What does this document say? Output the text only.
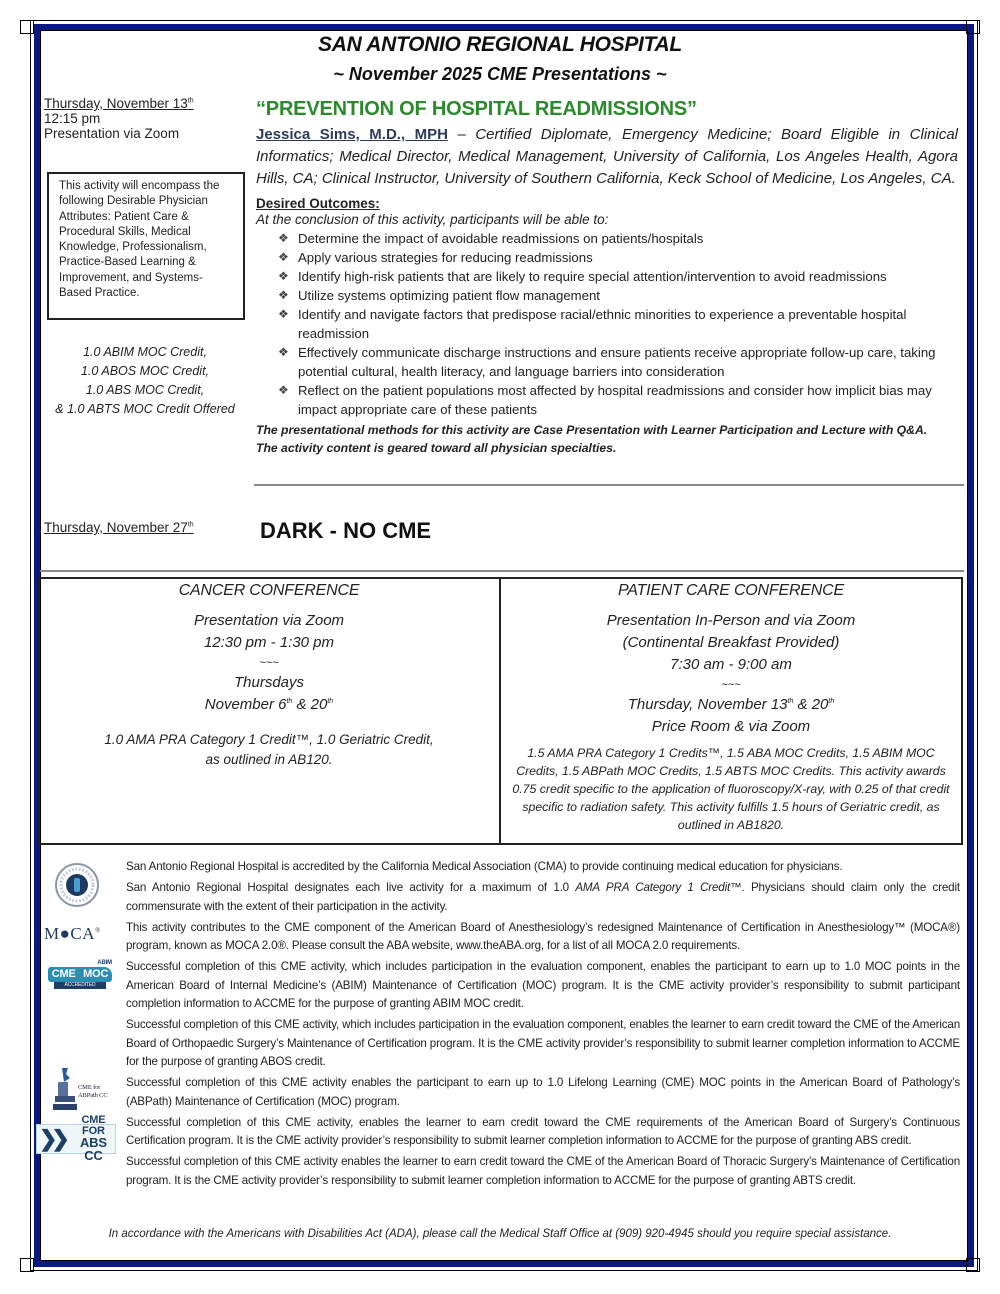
SAN ANTONIO REGIONAL HOSPITAL
~ November 2025 CME Presentations ~
Thursday, November 13th
12:15 pm
Presentation via Zoom
This activity will encompass the following Desirable Physician Attributes: Patient Care & Procedural Skills, Medical Knowledge, Professionalism, Practice-Based Learning & Improvement, and Systems-Based Practice.
1.0 ABIM MOC Credit,
1.0 ABOS MOC Credit,
1.0 ABS MOC Credit,
& 1.0 ABTS MOC Credit Offered
“PREVENTION OF HOSPITAL READMISSIONS”
Jessica Sims, M.D., MPH – Certified Diplomate, Emergency Medicine; Board Eligible in Clinical Informatics; Medical Director, Medical Management, University of California, Los Angeles Health, Agora Hills, CA; Clinical Instructor, University of Southern California, Keck School of Medicine, Los Angeles, CA.
Desired Outcomes:
At the conclusion of this activity, participants will be able to:
❖ Determine the impact of avoidable readmissions on patients/hospitals
❖ Apply various strategies for reducing readmissions
❖ Identify high-risk patients that are likely to require special attention/intervention to avoid readmissions
❖ Utilize systems optimizing patient flow management
❖ Identify and navigate factors that predispose racial/ethnic minorities to experience a preventable hospital readmission
❖ Effectively communicate discharge instructions and ensure patients receive appropriate follow-up care, taking potential cultural, health literacy, and language barriers into consideration
❖ Reflect on the patient populations most affected by hospital readmissions and consider how implicit bias may impact appropriate care of these patients
The presentational methods for this activity are Case Presentation with Learner Participation and Lecture with Q&A.
The activity content is geared toward all physician specialties.
Thursday, November 27th	DARK - NO CME
CANCER CONFERENCE
Presentation via Zoom
12:30 pm - 1:30 pm
~~~
Thursdays
November 6th & 20th
1.0 AMA PRA Category 1 Credit™, 1.0 Geriatric Credit,
as outlined in AB120.
PATIENT CARE CONFERENCE
Presentation In-Person and via Zoom
(Continental Breakfast Provided)
7:30 am - 9:00 am
~~~
Thursday, November 13th & 20th
Price Room & via Zoom
1.5 AMA PRA Category 1 Credits™, 1.5 ABA MOC Credits, 1.5 ABIM MOC Credits, 1.5 ABPath MOC Credits, 1.5 ABTS MOC Credits. This activity awards 0.75 credit specific to the application of fluoroscopy/X-ray, with 0.25 of that credit specific to radiation safety. This activity fulfills 1.5 hours of Geriatric credit, as outlined in AB1820.
San Antonio Regional Hospital is accredited by the California Medical Association (CMA) to provide continuing medical education for physicians.
San Antonio Regional Hospital designates each live activity for a maximum of 1.0 AMA PRA Category 1 Credit™. Physicians should claim only the credit commensurate with the extent of their participation in the activity.
M●CA® This activity contributes to the CME component of the American Board of Anesthesiology’s redesigned Maintenance of Certification in Anesthesiology™ (MOCA®) program, known as MOCA 2.0®. Please consult the ABA website, www.theABA.org, for a list of all MOCA 2.0 requirements.
ABIM
CME MOC
ACCREDITED
Successful completion of this CME activity, which includes participation in the evaluation component, enables the participant to earn up to 1.0 MOC points in the American Board of Internal Medicine’s (ABIM) Maintenance of Certification (MOC) program. It is the CME activity provider’s responsibility to submit participant completion information to ACCME for the purpose of granting ABIM MOC credit.
Successful completion of this CME activity, which includes participation in the evaluation component, enables the learner to earn credit toward the CME of the American Board of Orthopaedic Surgery’s Maintenance of Certification program. It is the CME activity provider’s responsibility to submit learner completion information to ACCME for the purpose of granting ABOS credit.
CME for
ABPath CC
Successful completion of this CME activity enables the participant to earn up to 1.0 Lifelong Learning (CME) MOC points in the American Board of Pathology’s (ABPath) Maintenance of Certification (MOC) program.
❯❯
CME FOR
ABS CC
Successful completion of this CME activity, enables the learner to earn credit toward the CME requirements of the American Board of Surgery’s Continuous Certification program. It is the CME activity provider’s responsibility to submit learner completion information to ACCME for the purpose of granting ABS credit.
Successful completion of this CME activity enables the learner to earn credit toward the CME of the American Board of Thoracic Surgery’s Maintenance of Certification program. It is the CME activity provider’s responsibility to submit learner completion information to ACCME for the purpose of granting ABTS credit.
In accordance with the Americans with Disabilities Act (ADA), please call the Medical Staff Office at (909) 920-4945 should you require special assistance.
